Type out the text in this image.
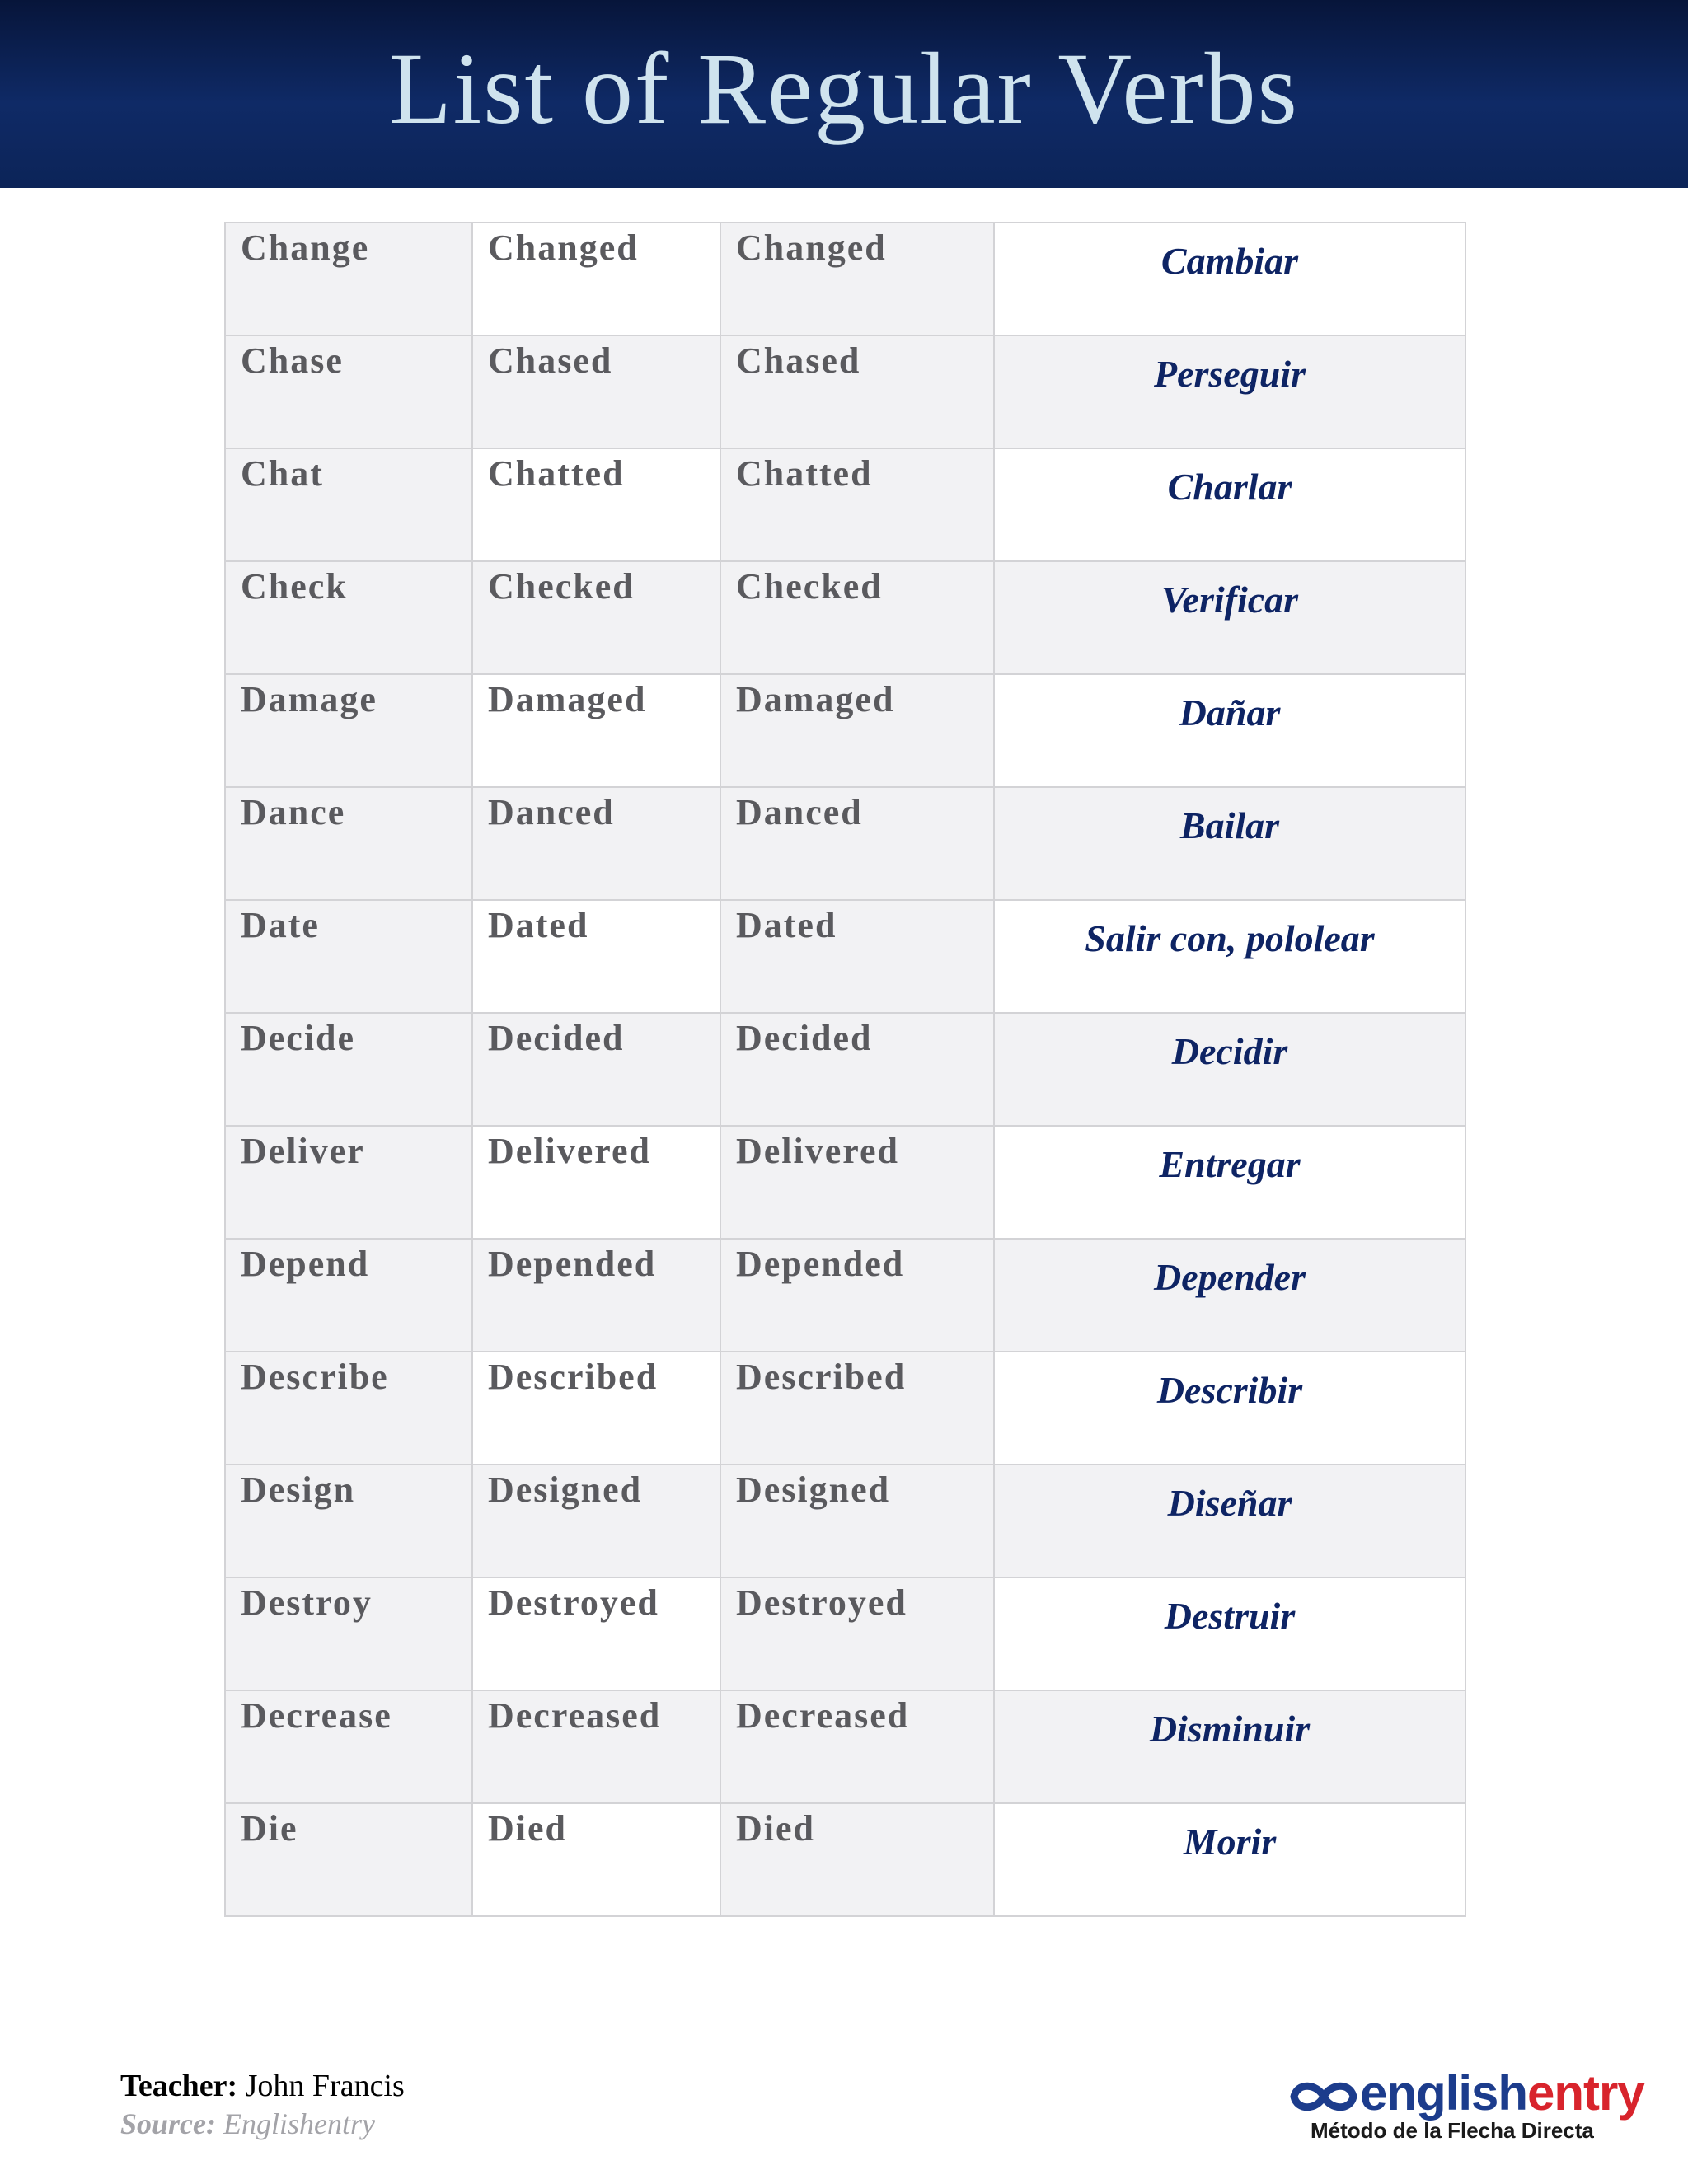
List of Regular Verbs
Change	Changed	Changed	Cambiar

Chase	Chased	Chased	Perseguir

Chat	Chatted	Chatted	Charlar

Check	Checked	Checked	Verificar

Damage	Damaged	Damaged	Dañar

Dance	Danced	Danced	Bailar

Date	Dated	Dated	Salir con, pololear

Decide	Decided	Decided	Decidir

Deliver	Delivered	Delivered	Entregar

Depend	Depended	Depended	Depender

Describe	Described	Described	Describir

Design	Designed	Designed	Diseñar

Destroy	Destroyed	Destroyed	Destruir

Decrease	Decreased	Decreased	Disminuir

Die	Died	Died	Morir
Teacher: John Francis
Source: Englishentry
englishentry
Método de la Flecha Directa
